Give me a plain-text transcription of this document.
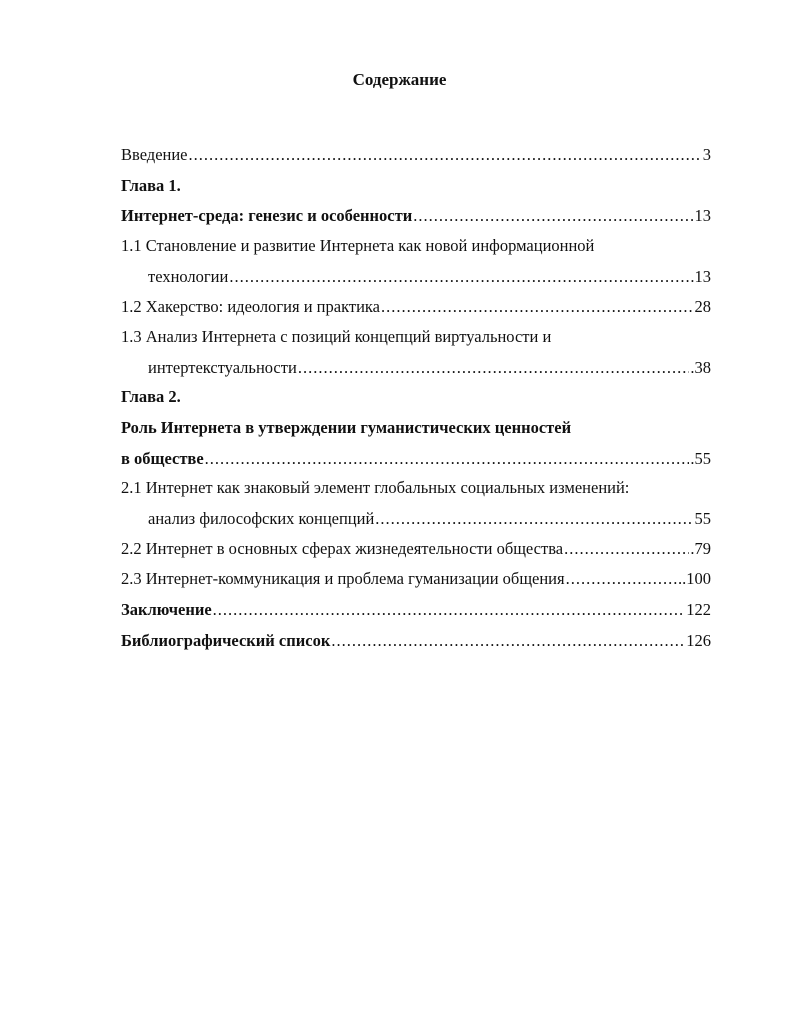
Содержание
Введение .....	3
Глава 1.
Интернет-среда: генезис и особенности .....	13
1.1 Становление и развитие Интернета как новой информационной
технологии .....	.13
1.2 Хакерство: идеология и практика .....	28
1.3 Анализ Интернета с позиций концепций виртуальности и
интертекстуальности .....	.38
Глава 2.
Роль Интернета в утверждении гуманистических ценностей
в обществе .....	.55
2.1 Интернет как знаковый элемент глобальных социальных изменений:
анализ философских концепций .....	55
2.2 Интернет в основных сферах жизнедеятельности общества .....	.79
2.3 Интернет-коммуникация и проблема гуманизации общения .....	..100
Заключение .....	122
Библиографический список .....	126
